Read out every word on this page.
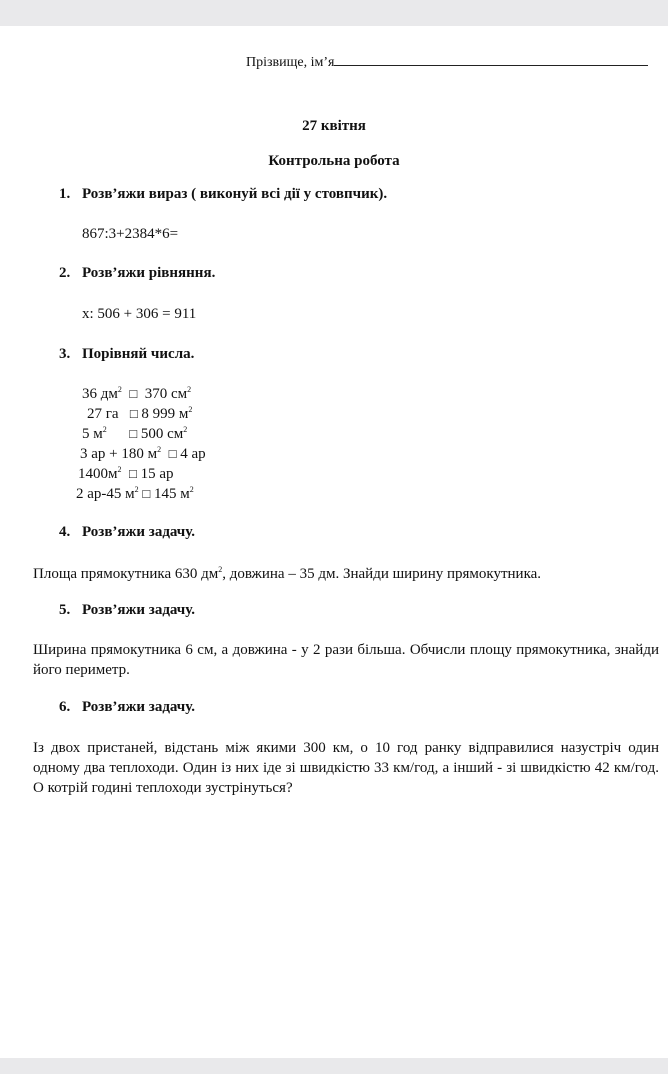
Прізвище, ім’я
27 квітня
Контрольна робота
1. Розв’яжи вираз ( виконуй всі дії у стовпчик).
867:3+2384*6=
2. Розв’яжи рівняння.
х: 506 + 306 = 911
3. Порівняй числа.
36 $дм^2$ □ 370 $см^2$
27 га □ 8 999 $м^2$
5 $м^2$ □ 500 $см^2$
3 ар + 180 $м^2$ □ 4 ар
$1400м^2$ □ 15 ар
2 ар-45 $м^2$ □ 145 $м^2$
4. Розв’яжи задачу.
Площа прямокутника 630 $дм^2$, довжина – 35 дм. Знайди ширину прямокутника.
5. Розв’яжи задачу.
Ширина прямокутника 6 см, а довжина - у 2 рази більша. Обчисли площу прямокутника, знайди його периметр.
6. Розв’яжи задачу.
Із двох пристаней, відстань між якими 300 км, о 10 год ранку відправилися назустріч один одному два теплоходи. Один із них іде зі швидкістю 33 км/год, а інший - зі швидкістю 42 км/год. О котрій годині теплоходи зустрінуться?
